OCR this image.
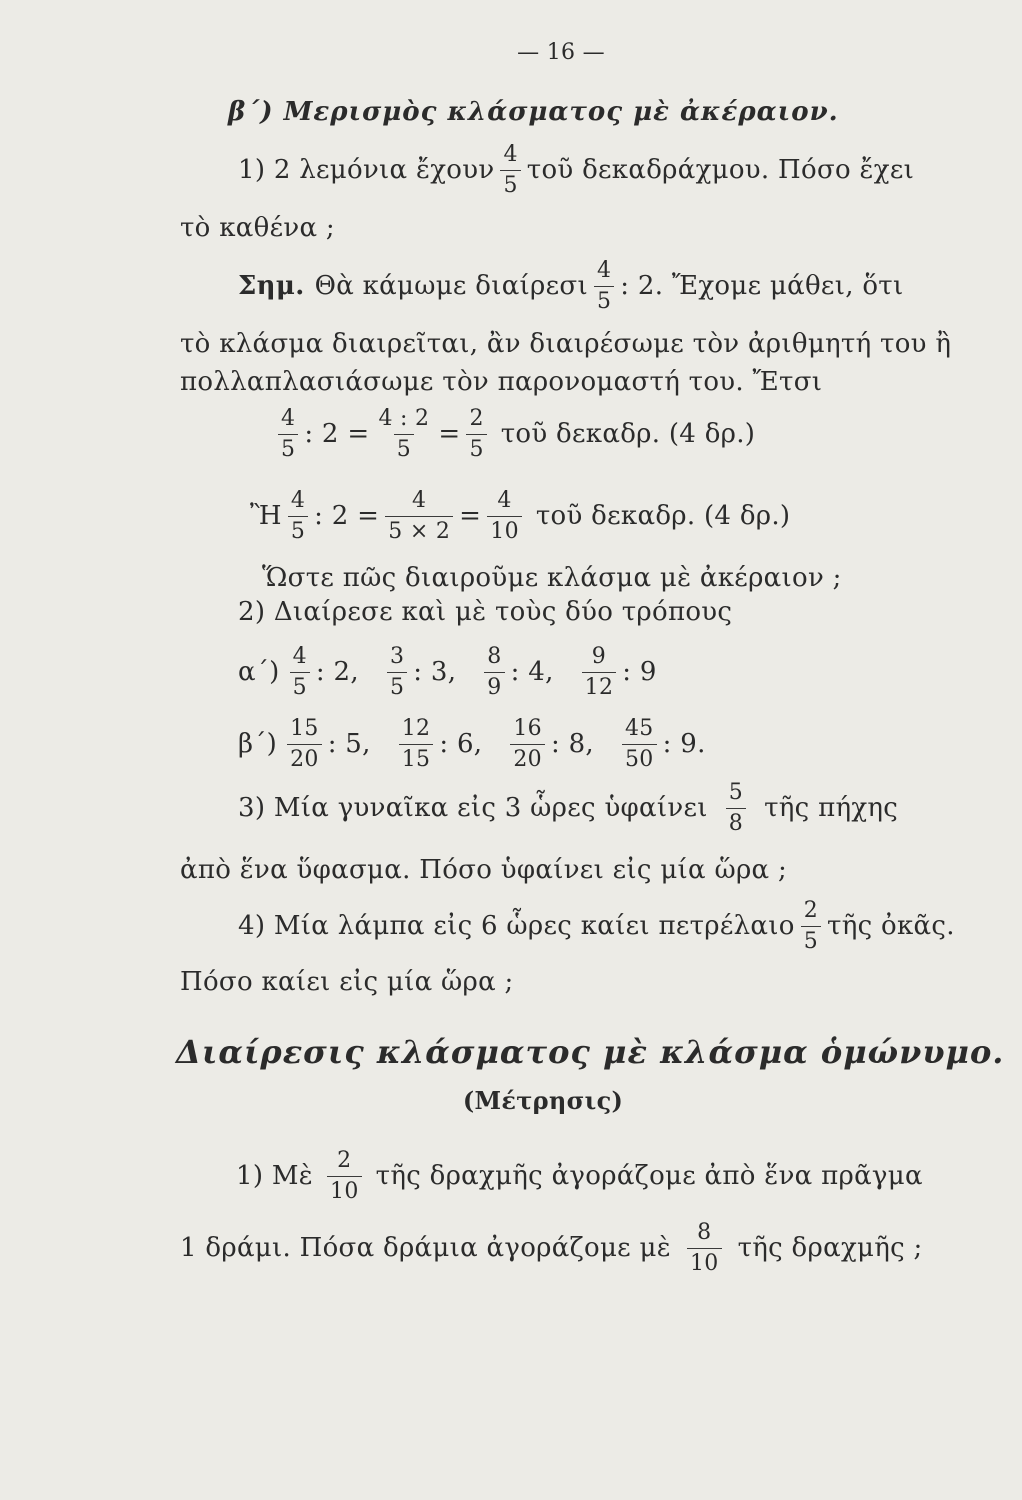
— 16 —
β΄) Μερισμὸς κλάσματος μὲ ἀκέραιον.
1) 2 λεμόνια ἔχουν $\frac{4}{5}$ τοῦ δεκαδράχμου. Πόσο ἔχει
τὸ καθένα ;
Σημ. Θὰ κάμωμε διαίρεσι $\frac{4}{5}$ : 2. Ἔχομε μάθει, ὅτι
τὸ κλάσμα διαιρεῖται, ἂν διαιρέσωμε τὸν ἀριθμητή του ἢ
πολλαπλασιάσωμε τὸν παρονομαστή του. Ἔτσι
$\frac{4}{5}$ : $2 = \frac{4 : 2}{5} = \frac{2}{5}$ τοῦ δεκαδρ. (4 δρ.)
Ἢ $\frac{4}{5}$ : $2 = \frac{4}{5 \times 2} = \frac{4}{10}$ τοῦ δεκαδρ. (4 δρ.)
Ὥστε πῶς διαιροῦμε κλάσμα μὲ ἀκέραιον ;
2) Διαίρεσε καὶ μὲ τοὺς δύο τρόπους
$\alpha΄) \frac{4}{5}$ : 2, $\frac{3}{5}$ : 3, $\frac{8}{9}$ : 4, $\frac{9}{12}$ : 9
$\beta΄) \frac{15}{20}$ : 5, $\frac{12}{15}$ : 6, $\frac{16}{20}$ : 8, $\frac{45}{50}$ : 9.
3) Μία γυναῖκα εἰς 3 ὧρες ὑφαίνει $\frac{5}{8}$ τῆς πήχης
ἀπὸ ἕνα ὕφασμα. Πόσο ὑφαίνει εἰς μία ὥρα ;
4) Μία λάμπα εἰς 6 ὧρες καίει πετρέλαιο $\frac{2}{5}$ τῆς ὀκᾶς.
Πόσο καίει εἰς μία ὥρα ;
Διαίρεσις κλάσματος μὲ κλάσμα ὁμώνυμο.
(Μέτρησις)
1) Μὲ $\frac{2}{10}$ τῆς δραχμῆς ἀγοράζομε ἀπὸ ἕνα πρᾶγμα
1 δράμι. Πόσα δράμια ἀγοράζομε μὲ $\frac{8}{10}$ τῆς δραχμῆς ;
